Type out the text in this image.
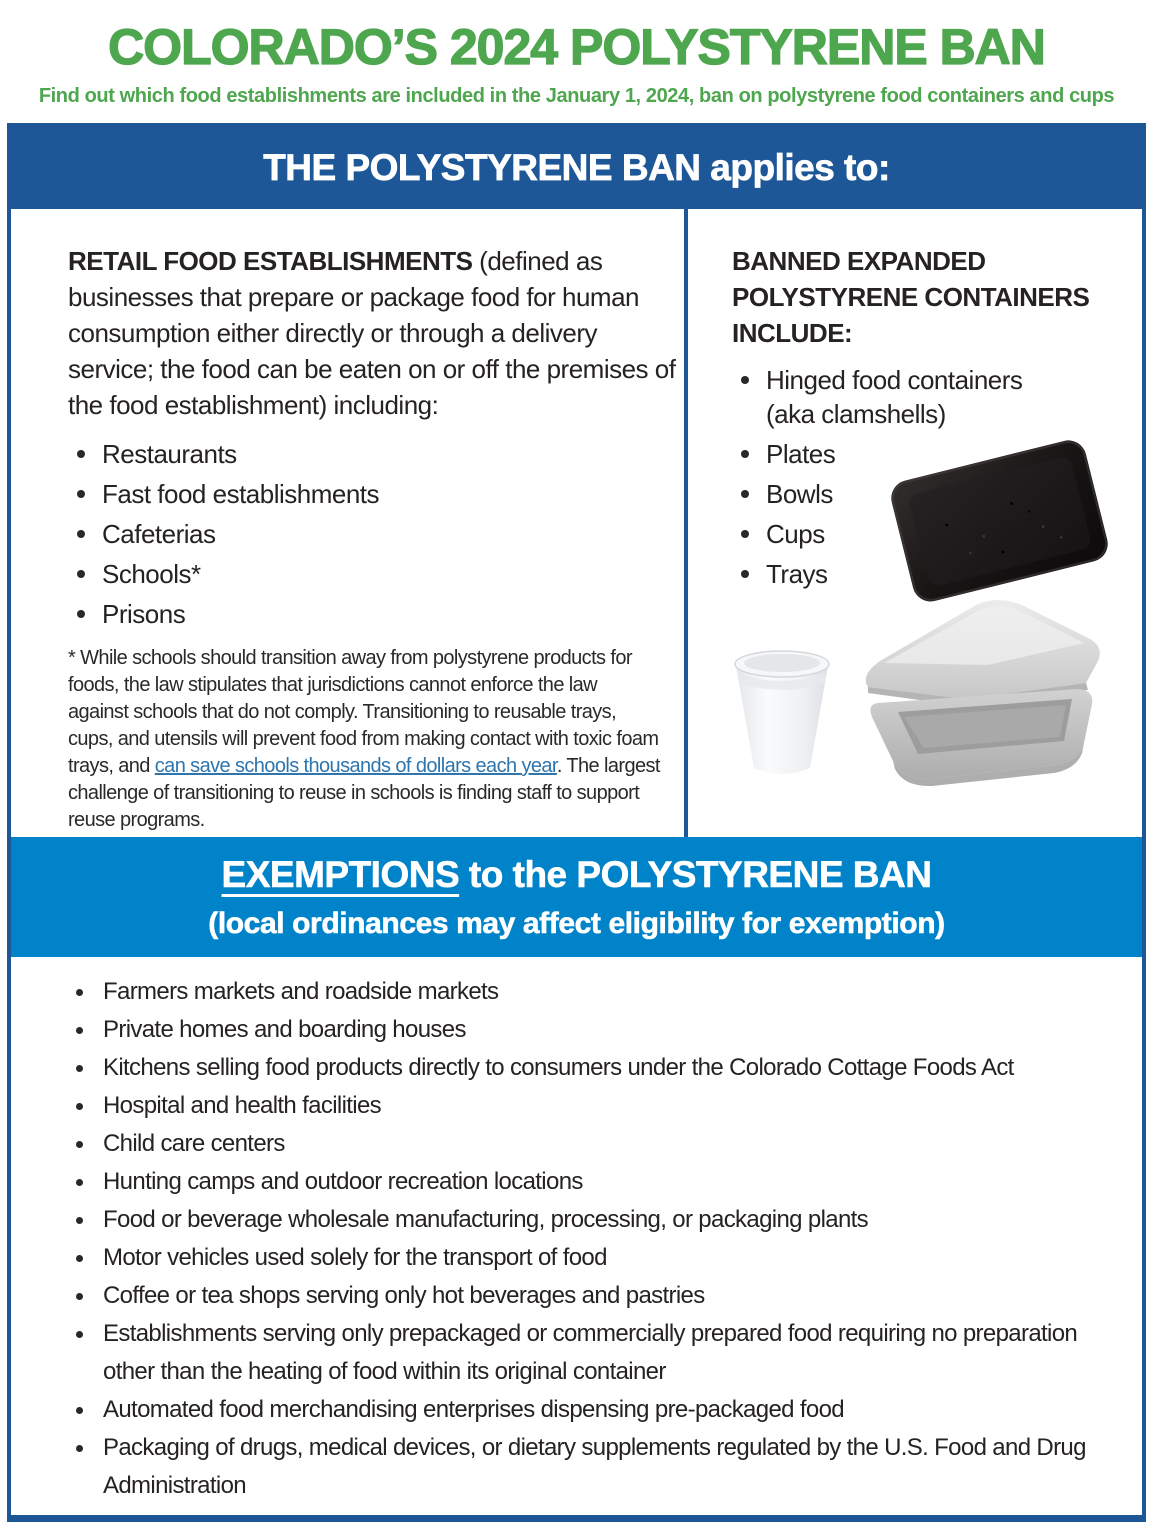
COLORADO’S 2024 POLYSTYRENE BAN

Find out which food establishments are included in the January 1, 2024, ban on polystyrene food containers and cups

THE POLYSTYRENE BAN applies to:

RETAIL FOOD ESTABLISHMENTS (defined as businesses that prepare or package food for human consumption either directly or through a delivery service; the food can be eaten on or off the premises of the food establishment) including:

Restaurants
Fast food establishments
Cafeterias
Schools*
Prisons

* While schools should transition away from polystyrene products for foods, the law stipulates that jurisdictions cannot enforce the law against schools that do not comply. Transitioning to reusable trays, cups, and utensils will prevent food from making contact with toxic foam trays, and can save schools thousands of dollars each year. The largest challenge of transitioning to reuse in schools is finding staff to support reuse programs.

BANNED EXPANDED POLYSTYRENE CONTAINERS INCLUDE:

Hinged food containers (aka clamshells)
Plates
Bowls
Cups
Trays
EXEMPTIONS to the POLYSTYRENE BAN
(local ordinances may affect eligibility for exemption)
Farmers markets and roadside markets
Private homes and boarding houses
Kitchens selling food products directly to consumers under the Colorado Cottage Foods Act
Hospital and health facilities
Child care centers
Hunting camps and outdoor recreation locations
Food or beverage wholesale manufacturing, processing, or packaging plants
Motor vehicles used solely for the transport of food
Coffee or tea shops serving only hot beverages and pastries
Establishments serving only prepackaged or commercially prepared food requiring no preparation other than the heating of food within its original container
Automated food merchandising enterprises dispensing pre-packaged food
Packaging of drugs, medical devices, or dietary supplements regulated by the U.S. Food and Drug Administration
